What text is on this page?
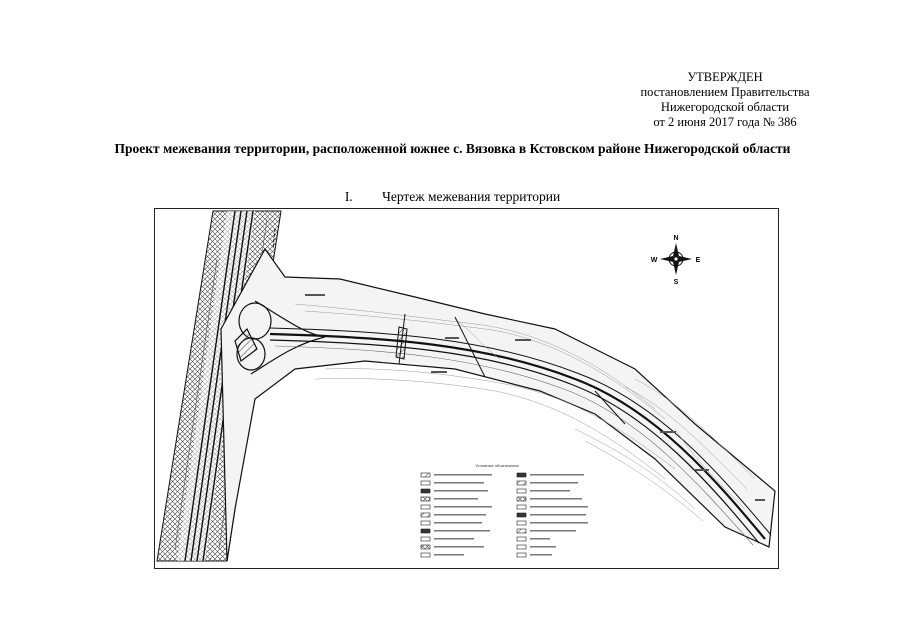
УТВЕРЖДЕН
постановлением Правительства
Нижегородской области
от 2 июня 2017 года № 386
Проект межевания территории, расположенной южнее с. Вязовка в Кстовском районе Нижегородской области
I. Чертеж межевания территории
N
S
W	E
Условные обозначения
